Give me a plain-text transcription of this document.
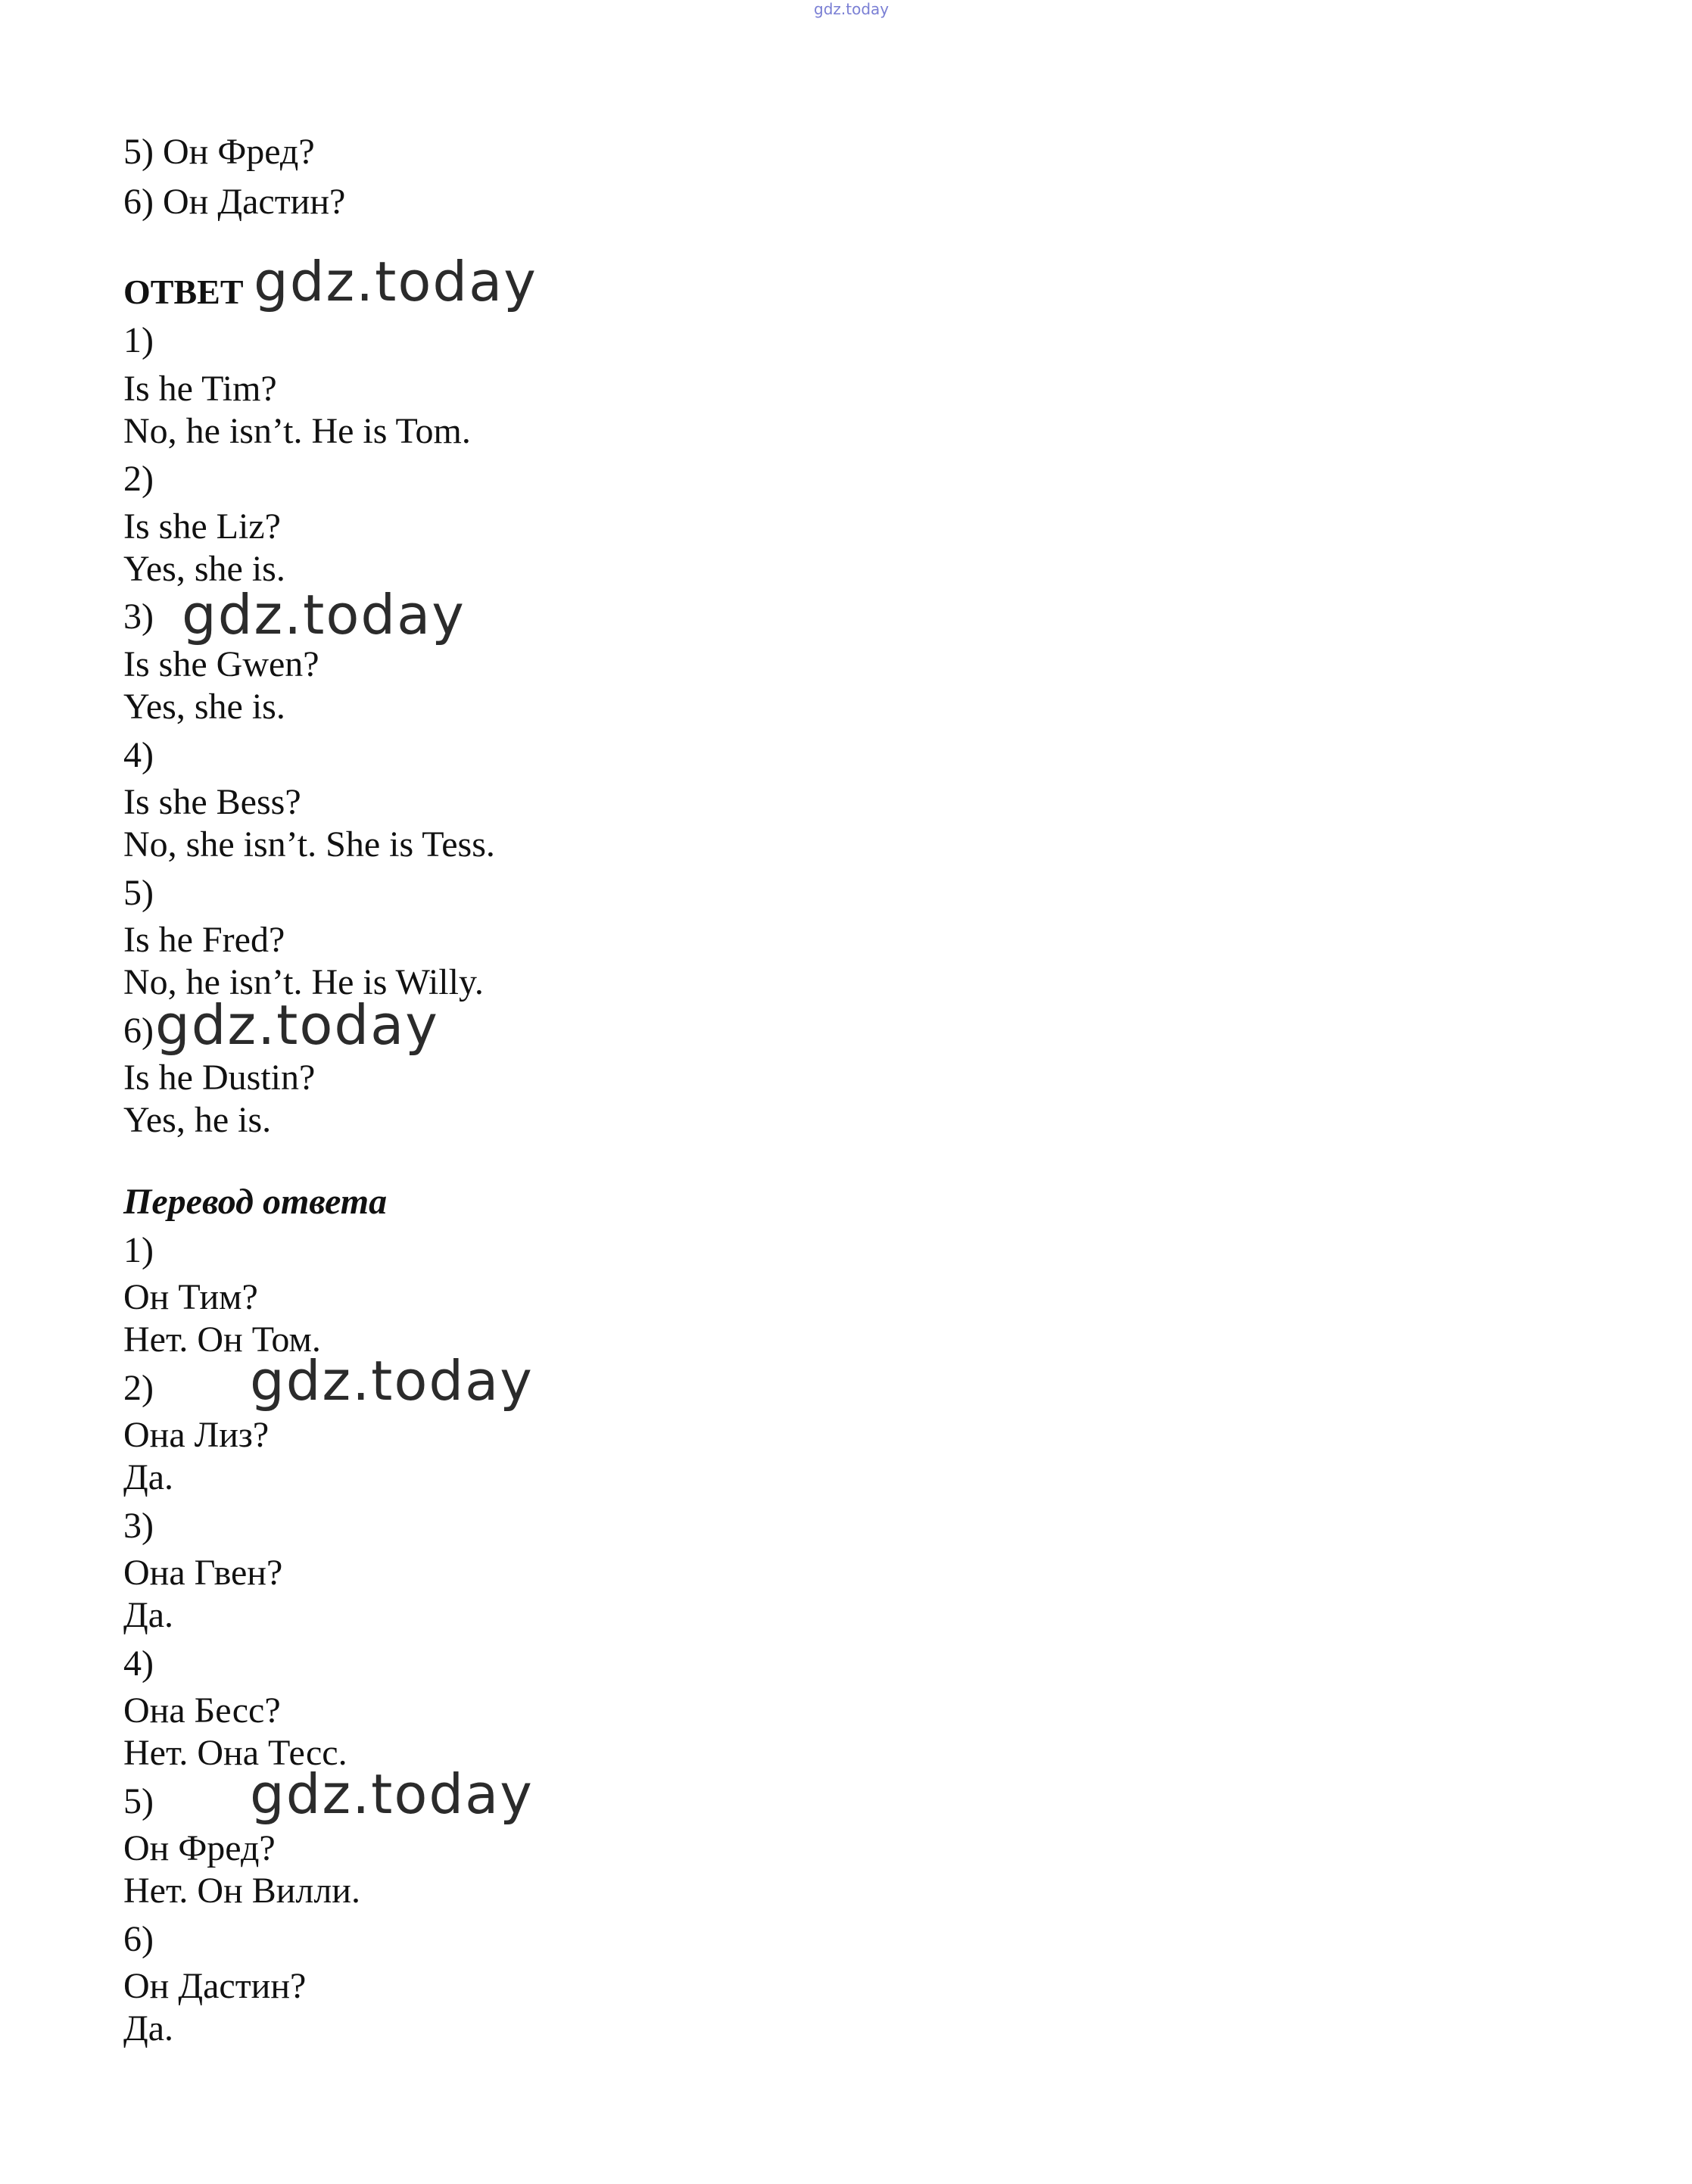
gdz.today
5) Он Фред?
6) Он Дастин?
ОТВЕТ
1)
Is he Tim?
No, he isn’t. He is Tom.
2)
Is she Liz?
Yes, she is.
3)
Is she Gwen?
Yes, she is.
4)
Is she Bess?
No, she isn’t. She is Tess.
5)
Is he Fred?
No, he isn’t. He is Willy.
6)
Is he Dustin?
Yes, he is.
Перевод ответа
1)
Он Тим?
Нет. Он Том.
2)
Она Лиз?
Да.
3)
Она Гвен?
Да.
4)
Она Бесс?
Нет. Она Тесс.
5)
Он Фред?
Нет. Он Вилли.
6)
Он Дастин?
Да.
gdz.today
gdz.today
gdz.today
gdz.today
gdz.today
